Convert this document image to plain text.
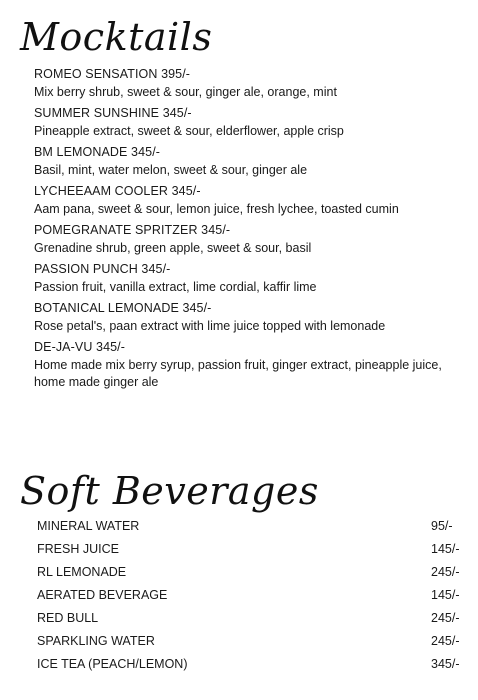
Mocktails
ROMEO SENSATION 395/-
Mix berry shrub, sweet & sour, ginger ale, orange, mint
SUMMER SUNSHINE 345/-
Pineapple extract, sweet & sour, elderflower, apple crisp
BM LEMONADE 345/-
Basil, mint, water melon, sweet & sour, ginger ale
LYCHEEAAM COOLER 345/-
Aam pana, sweet & sour, lemon juice, fresh lychee, toasted cumin
POMEGRANATE SPRITZER 345/-
Grenadine shrub, green apple, sweet & sour, basil
PASSION PUNCH 345/-
Passion fruit, vanilla extract, lime cordial, kaffir lime
BOTANICAL LEMONADE 345/-
Rose petal's, paan extract with lime juice topped with lemonade
DE-JA-VU 345/-
Home made mix berry syrup, passion fruit, ginger extract, pineapple juice, home made ginger ale
Soft Beverages
MINERAL WATER	95/-
FRESH JUICE	145/-
RL LEMONADE	245/-
AERATED BEVERAGE	145/-
RED BULL	245/-
SPARKLING WATER	245/-
ICE TEA (PEACH/LEMON)	345/-
